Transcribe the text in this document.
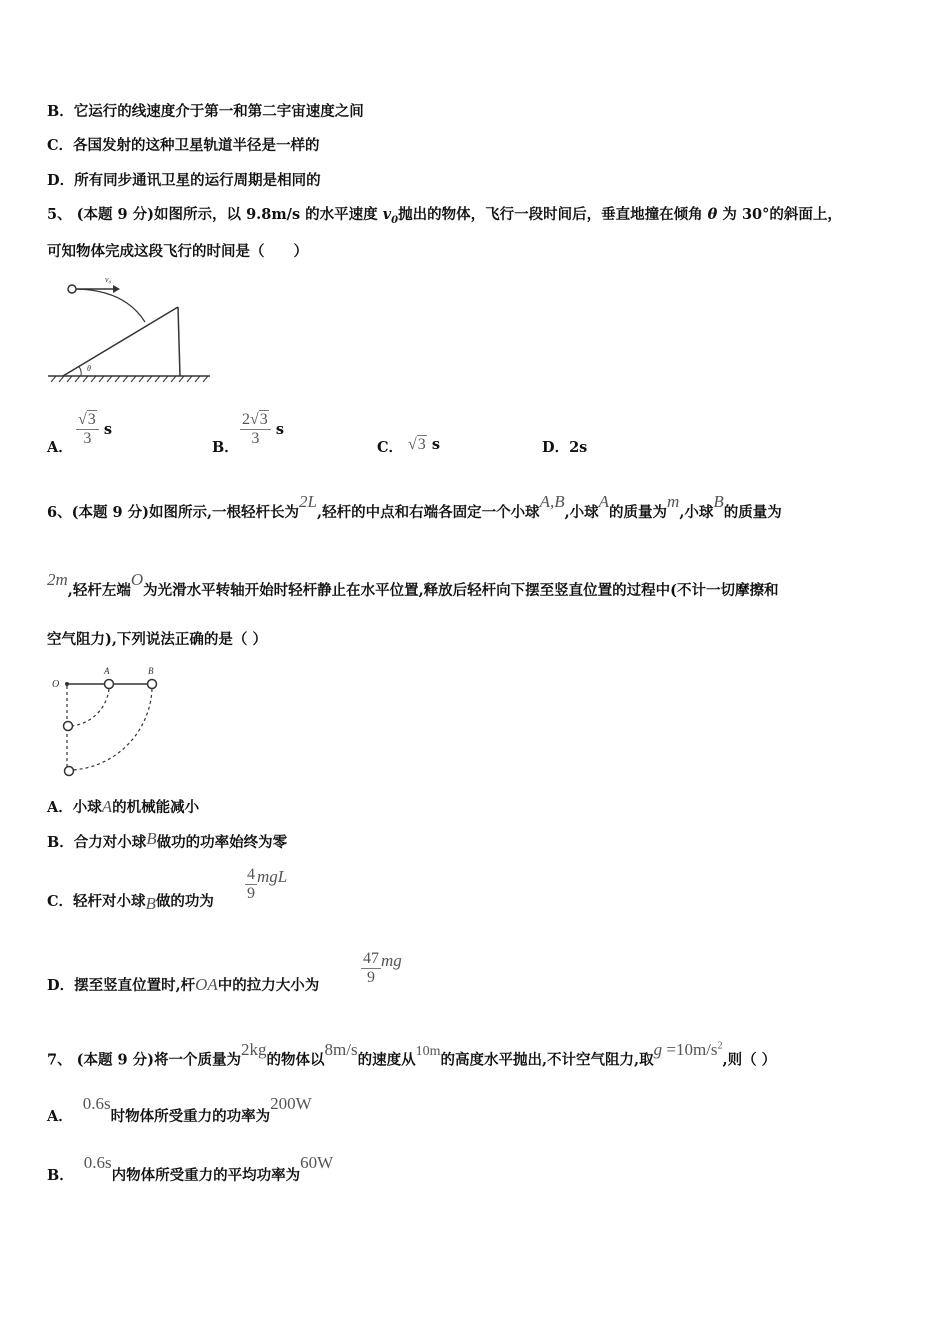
B．它运行的线速度介于第一和第二宇宙速度之间
C．各国发射的这种卫星轨道半径是一样的
D．所有同步通讯卫星的运行周期是相同的
5、 (本题 9 分)如图所示，以 9.8m/s 的水平速度 $v_0$抛出的物体，飞行一段时间后，垂直地撞在倾角 θ 为 30°的斜面上，
可知物体完成这段飞行的时间是（　　）
v₀
θ
A． $\frac{√3}{3}$ s
B． $\frac{2√3}{3}$ s
C． √3 s	D．2s
6、(本题 9 分)如图所示,一根轻杆长为2L,轻杆的中点和右端各固定一个小球A,B,小球A的质量为m,小球B的质量为
2m,轻杆左端O为光滑水平转轴开始时轻杆静止在水平位置,释放后轻杆向下摆至竖直位置的过程中(不计一切摩擦和
空气阻力),下列说法正确的是（ ）
O
A	B
A．小球A的机械能减小
B．合力对小球B做功的功率始终为零
C．轻杆对小球B做的功为 $\frac{4}{9}$ mgL
D．摆至竖直位置时,杆OA中的拉力大小为	$\frac{47}{9}$ mg
7、 (本题 9 分)将一个质量为2kg的物体以8m/s的速度从10m的高度水平抛出,不计空气阻力,取$g =10m/s^2$,则（ ）
A．0.6s时物体所受重力的功率为200W
B．0.6s内物体所受重力的平均功率为60W
